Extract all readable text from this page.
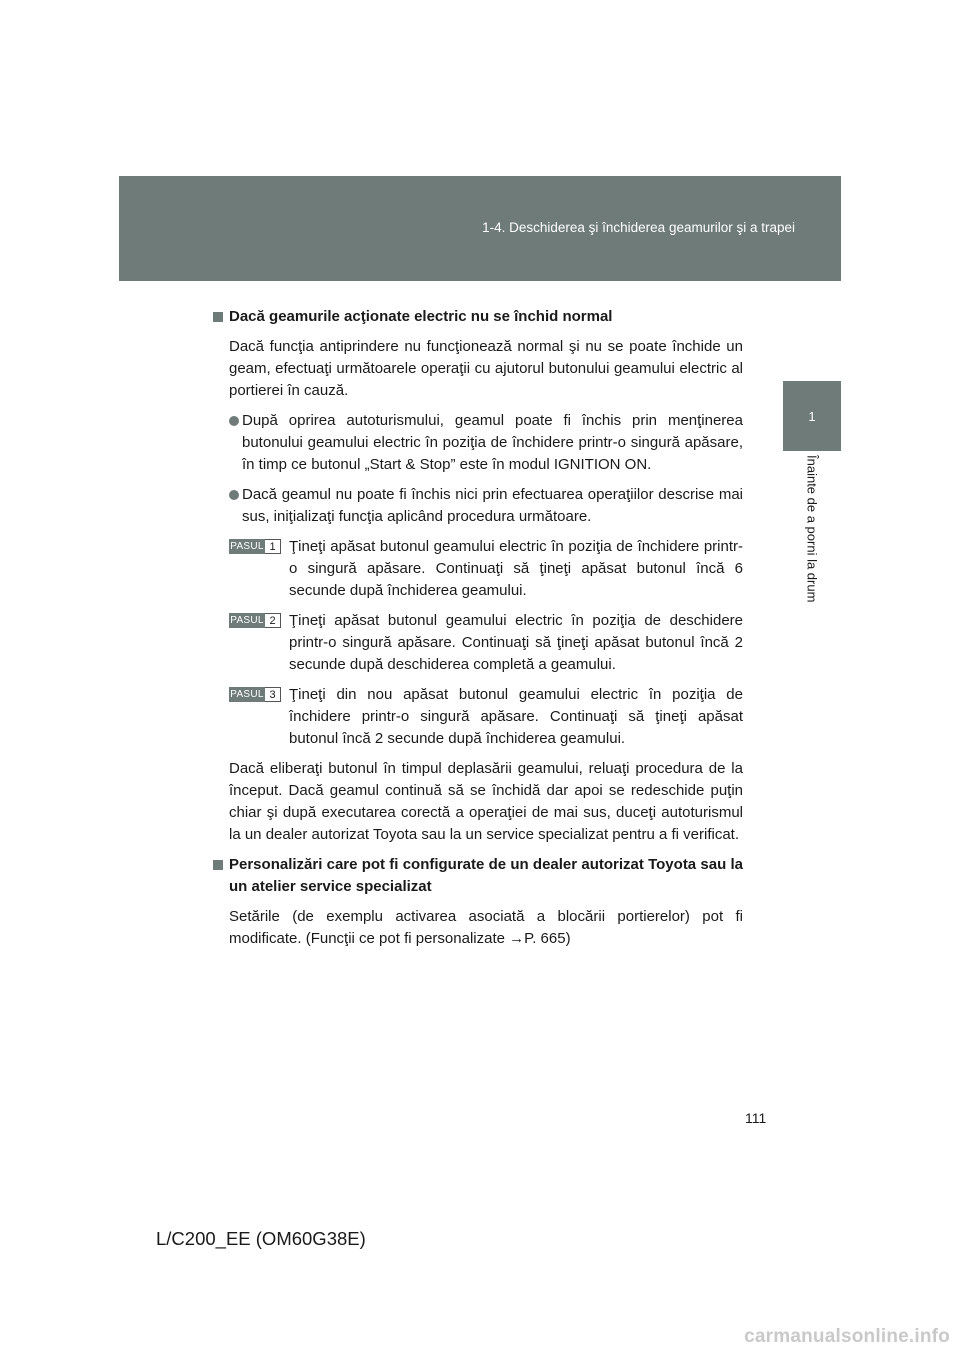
1-4. Deschiderea şi închiderea geamurilor şi a trapei
1
Înainte de a porni la drum

Dacă geamurile acţionate electric nu se închid normal

Dacă funcţia antiprindere nu funcţionează normal şi nu se poate închide un geam, efectuaţi următoarele operaţii cu ajutorul butonului geamului electric al portierei în cauză.

După oprirea autoturismului, geamul poate fi închis prin menţinerea butonului geamului electric în poziţia de închidere printr-o singură apăsare, în timp ce butonul „Start & Stop” este în modul IGNITION ON.
Dacă geamul nu poate fi închis nici prin efectuarea operaţiilor descrise mai sus, iniţializaţi funcţia aplicând procedura următoare.
PASUL 1 Ţineţi apăsat butonul geamului electric în poziţia de închidere printr-o singură apăsare. Continuaţi să ţineţi apăsat butonul încă 6 secunde după închiderea geamului.
PASUL 2 Ţineţi apăsat butonul geamului electric în poziţia de deschidere printr-o singură apăsare. Continuaţi să ţineţi apăsat butonul încă 2 secunde după deschiderea completă a geamului.
PASUL 3 Ţineţi din nou apăsat butonul geamului electric în poziţia de închidere printr-o singură apăsare. Continuaţi să ţineţi apăsat butonul încă 2 secunde după închiderea geamului.

Dacă eliberaţi butonul în timpul deplasării geamului, reluaţi procedura de la început. Dacă geamul continuă să se închidă dar apoi se redeschide puţin chiar şi după executarea corectă a operaţiei de mai sus, duceţi autoturismul la un dealer autorizat Toyota sau la un service specializat pentru a fi verificat.

Personalizări care pot fi configurate de un dealer autorizat Toyota sau la un atelier service specializat

Setările (de exemplu activarea asociată a blocării portierelor) pot fi modificate. (Funcţii ce pot fi personalizate →P. 665)

111
L/C200_EE (OM60G38E)
carmanualsonline.info
